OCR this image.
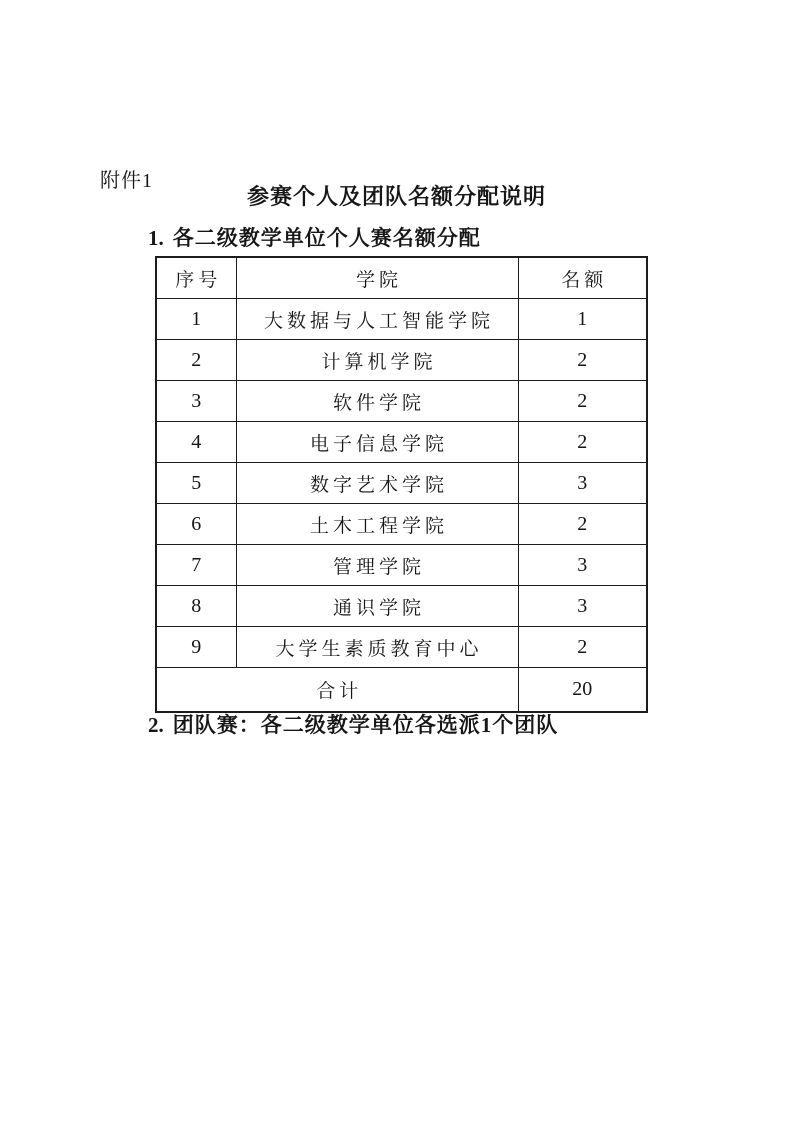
附件1

参赛个人及团队名额分配说明
1. 各二级教学单位个人赛名额分配
序号	学院	名额
1	大数据与人工智能学院	1
2	计算机学院	2
3	软件学院	2
4	电子信息学院	2
5	数字艺术学院	3
6	土木工程学院	2
7	管理学院	3
8	通识学院	3
9	大学生素质教育中心	2
合计		20
2. 团队赛：各二级教学单位各选派1个团队
